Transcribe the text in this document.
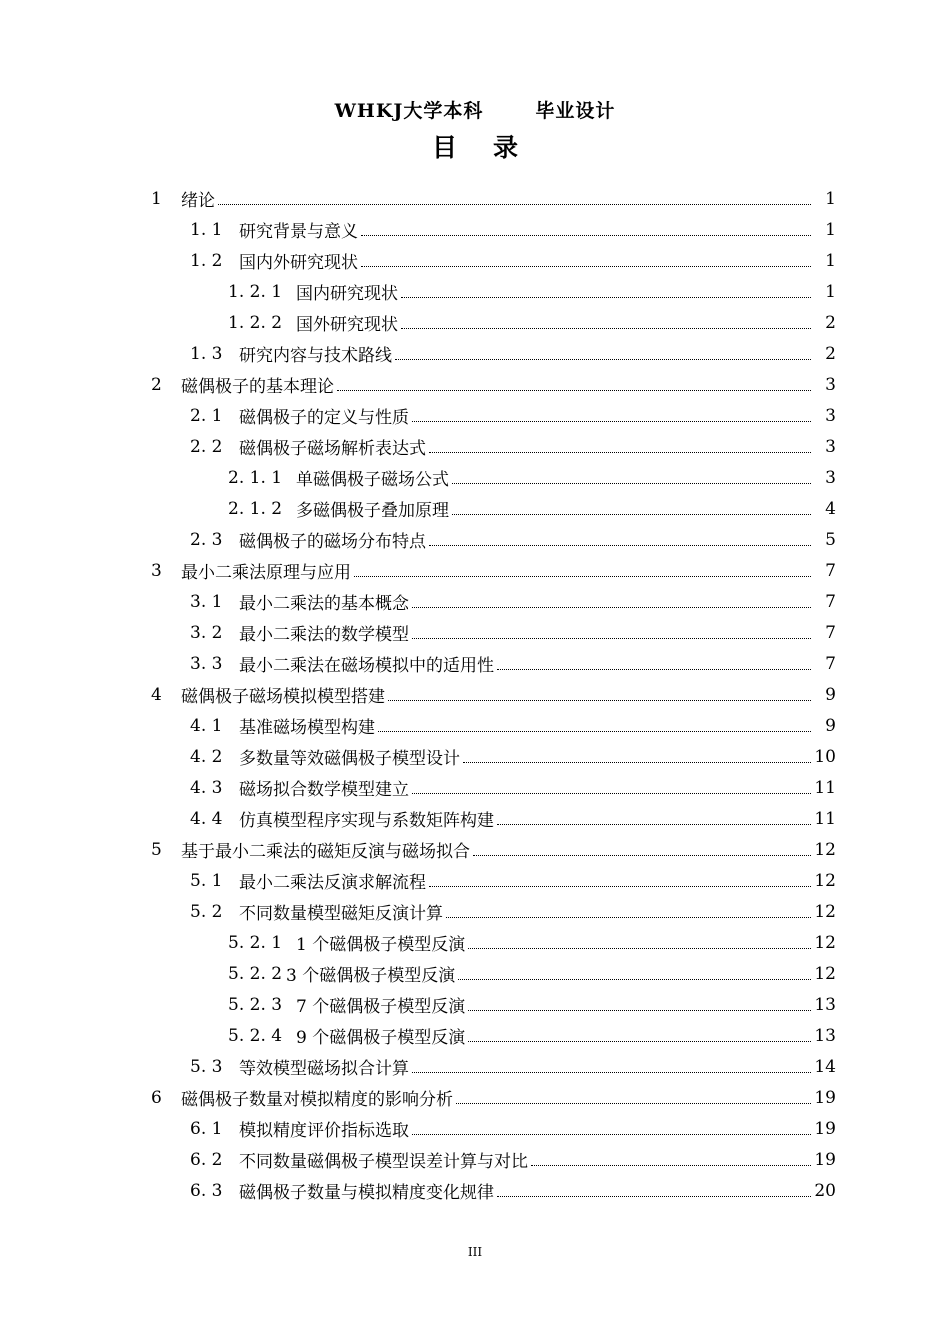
WHKJ大学本科	毕业设计
目 录
1	绪论	1
1. 1 研究背景与意义	1
1. 2 国内外研究现状	1
1. 2. 1 国内研究现状	1
1. 2. 2 国外研究现状	2
1. 3 研究内容与技术路线	2
2	磁偶极子的基本理论	3
2. 1 磁偶极子的定义与性质	3
2. 2 磁偶极子磁场解析表达式	3
2. 1. 1 单磁偶极子磁场公式	3
2. 1. 2 多磁偶极子叠加原理	4
2. 3 磁偶极子的磁场分布特点	5
3	最小二乘法原理与应用	7
3. 1 最小二乘法的基本概念	7
3. 2 最小二乘法的数学模型	7
3. 3 最小二乘法在磁场模拟中的适用性	7
4	磁偶极子磁场模拟模型搭建	9
4. 1 基准磁场模型构建	9
4. 2 多数量等效磁偶极子模型设计	10
4. 3 磁场拟合数学模型建立	11
4. 4 仿真模型程序实现与系数矩阵构建	11
5	基于最小二乘法的磁矩反演与磁场拟合	12
5. 1 最小二乘法反演求解流程	12
5. 2 不同数量模型磁矩反演计算	12
5. 2. 1 1 个磁偶极子模型反演	12
5. 2. 2 3 个磁偶极子模型反演	12
5. 2. 3 7 个磁偶极子模型反演	13
5. 2. 4 9 个磁偶极子模型反演	13
5. 3 等效模型磁场拟合计算	14
6	磁偶极子数量对模拟精度的影响分析	19
6. 1 模拟精度评价指标选取	19
6. 2 不同数量磁偶极子模型误差计算与对比	19
6. 3 磁偶极子数量与模拟精度变化规律	20
III
